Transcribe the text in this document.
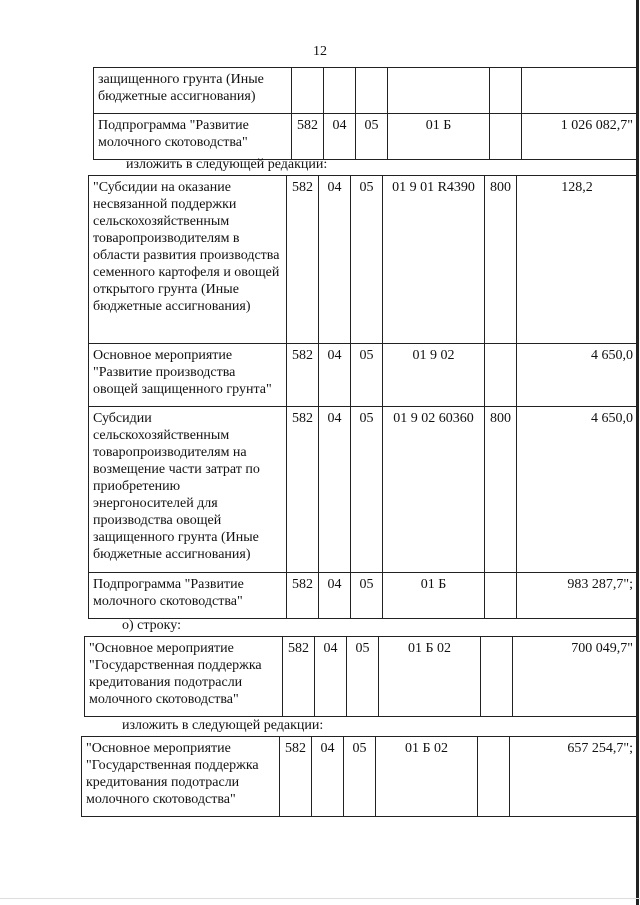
12
защищенного грунта (Иные бюджетные ассигнования)						
Подпрограмма "Развитие молочного скотоводства"	582	04	05	01 Б		1 026 082,7"
изложить в следующей редакции:
"Субсидии на оказание несвязанной поддержки сельскохозяйственным товаропроизводителям в области развития производства семенного картофеля и овощей открытого грунта (Иные бюджетные ассигнования)	582	04	05	01 9 01 R4390	800	128,2
Основное мероприятие "Развитие производства овощей защищенного грунта"	582	04	05	01 9 02		4 650,0
Субсидии сельскохозяйственным товаропроизводителям на возмещение части затрат по приобретению энергоносителей для производства овощей защищенного грунта (Иные бюджетные ассигнования)	582	04	05	01 9 02 60360	800	4 650,0
Подпрограмма "Развитие молочного скотоводства"	582	04	05	01 Б		983 287,7";
о) строку:
"Основное мероприятие "Государственная поддержка кредитования подотрасли молочного скотоводства"	582	04	05	01 Б 02		700 049,7"
изложить в следующей редакции:
"Основное мероприятие "Государственная поддержка кредитования подотрасли молочного скотоводства"	582	04	05	01 Б 02		657 254,7";
